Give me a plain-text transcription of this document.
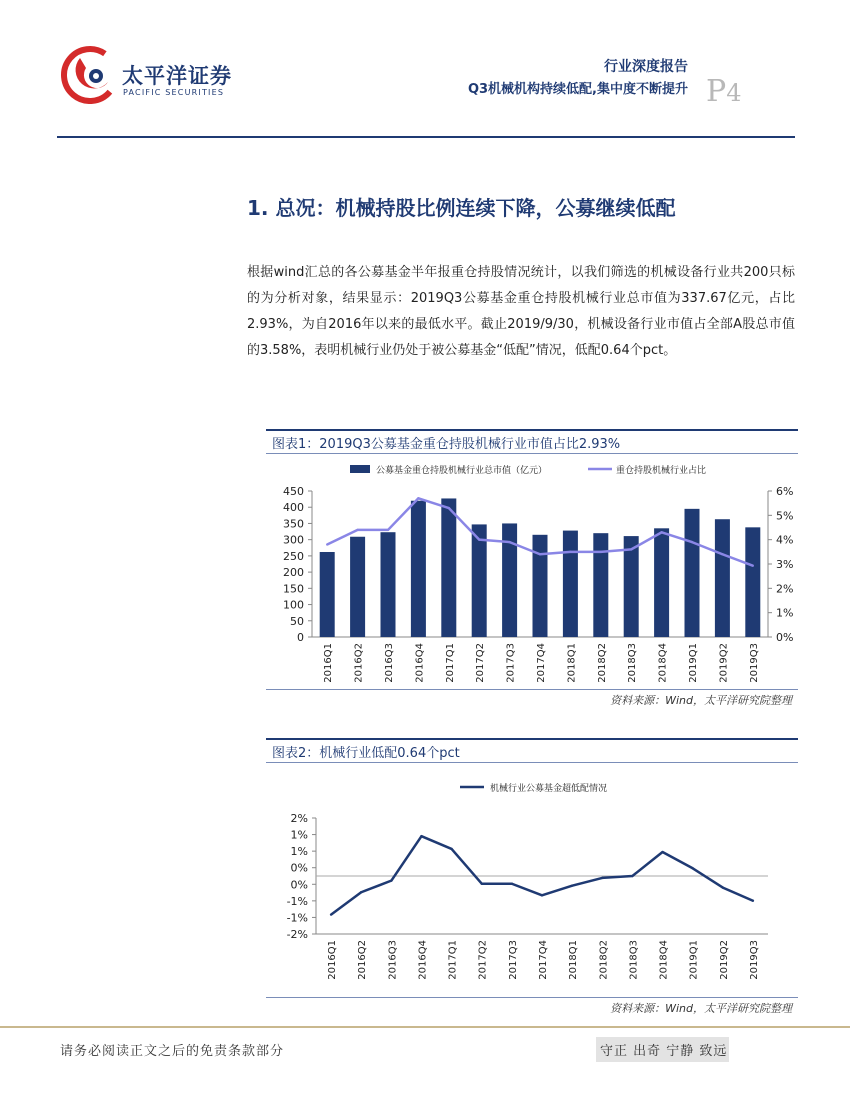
太平洋证券
PACIFIC SECURITIES
行业深度报告
Q3机械机构持续低配,集中度不断提升 P4
1. 总况：机械持股比例连续下降，公募继续低配
根据wind汇总的各公募基金半年报重仓持股情况统计，以我们筛选的机械设备行业共200只标的为分析对象，结果显示：2019Q3公募基金重仓持股机械行业总市值为337.67亿元，占比2.93%，为自2016年以来的最低水平。截止2019/9/30，机械设备行业市值占全部A股总市值的3.58%，表明机械行业仍处于被公募基金“低配”情况，低配0.64个pct。
图表1：2019Q3公募基金重仓持股机械行业市值占比2.93%
公募基金重仓持股机械行业总市值（亿元）	重仓持股机械行业占比
0
50
100
150
200
250
300
350
400
450
0%
1%
2%
3%
4%
5%
6%
2016Q1 2016Q2 2016Q3 2016Q4 2017Q1 2017Q2 2017Q3 2017Q4 2018Q1 2018Q2 2018Q3 2018Q4 2019Q1 2019Q2 2019Q3
资料来源：Wind，太平洋研究院整理
图表2：机械行业低配0.64个pct
机械行业公募基金超低配情况
-2%
-1%
-1%
0%
0%
1%
1%
2%
2016Q1 2016Q2 2016Q3 2016Q4 2017Q1 2017Q2 2017Q3 2017Q4 2018Q1 2018Q2 2018Q3 2018Q4 2019Q1 2019Q2 2019Q3
资料来源：Wind，太平洋研究院整理
请务必阅读正文之后的免责条款部分	守正 出奇 宁静 致远
